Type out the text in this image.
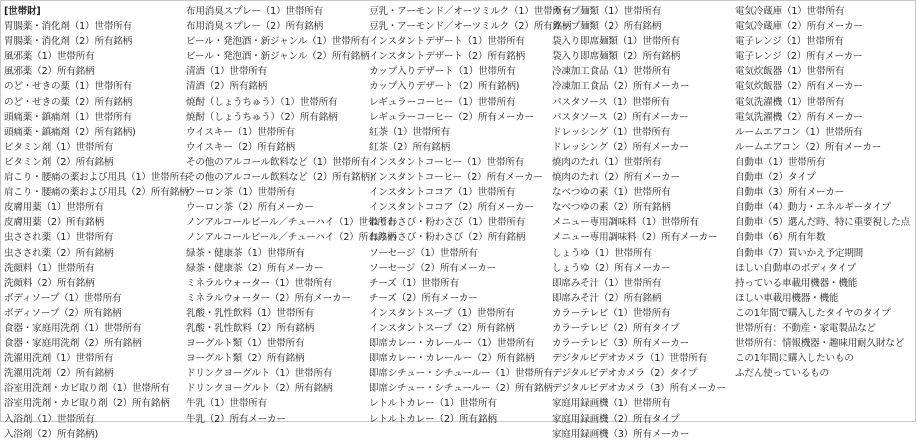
[世帯財]
胃腸薬・消化剤（1）世帯所有
胃腸薬・消化剤（2）所有銘柄
風邪薬（1）世帯所有
風邪薬（2）所有銘柄
のど・せきの薬（1）世帯所有
のど・せきの薬（2）所有銘柄
頭痛薬・鎮痛剤（1）世帯所有
頭痛薬・鎮痛剤（2）所有銘柄)
ビタミン剤（1）世帯所有
ビタミン剤（2）所有銘柄
肩こり・腰痛の薬および用具（1）世帯所有
肩こり・腰痛の薬および用具（2）所有銘柄
皮膚用薬（1）世帯所有
皮膚用薬（2）所有銘柄
虫さされ薬（1）世帯所有
虫さされ薬（2）所有銘柄
洗顔料（1）世帯所有
洗顔料（2）所有銘柄
ボディソープ（1）世帯所有
ボディソープ（2）所有銘柄
食器・家庭用洗剤（1）世帯所有
食器・家庭用洗剤（2）所有銘柄
洗濯用洗剤（1）世帯所有
洗濯用洗剤（2）所有銘柄
浴室用洗剤・カビ取り剤（1）世帯所有
浴室用洗剤・カビ取り剤（2）所有銘柄
入浴剤（1）世帯所有
入浴剤（2）所有銘柄)
布用消臭スプレー（1）世帯所有
布用消臭スプレー（2）所有銘柄
ビール・発泡酒・新ジャンル（1）世帯所有
ビール・発泡酒・新ジャンル（2）所有銘柄
清酒（1）世帯所有
清酒（2）所有銘柄
焼酎（しょうちゅう）（1）世帯所有
焼酎（しょうちゅう）（2）所有銘柄
ウイスキー（1）世帯所有
ウイスキー（2）所有銘柄
その他のアルコール飲料など（1）世帯所有
その他のアルコール飲料など（2）所有銘柄)
ウーロン茶（1）世帯所有
ウーロン茶（2）所有メーカー
ノンアルコールビール／チューハイ（1）世帯所有
ノンアルコールビール／チューハイ（2）所有銘柄
緑茶・健康茶（1）世帯所有
緑茶・健康茶（2）所有メーカー
ミネラルウォーター（1）世帯所有
ミネラルウォーター（2）所有メーカー
乳酸・乳性飲料（1）世帯所有
乳酸・乳性飲料（2）所有銘柄
ヨーグルト類（1）世帯所有
ヨーグルト類（2）所有銘柄
ドリンクヨーグルト（1）世帯所有
ドリンクヨーグルト（2）所有銘柄
牛乳（1）世帯所有
牛乳（2）所有メーカー
豆乳・アーモンド／オーツミルク（1）世帯所有
豆乳・アーモンド／オーツミルク（2）所有銘柄
インスタントデザート（1）世帯所有
インスタントデザート（2）所有銘柄
カップ入りデザート（1）世帯所有
カップ入りデザート（2）所有銘柄)
レギュラーコーヒー（1）世帯所有
レギュラーコーヒー（2）所有メーカー
紅茶（1）世帯所有
紅茶（2）所有銘柄
インスタントコーヒー（1）世帯所有
インスタントコーヒー（2）所有メーカー
インスタントココア（1）世帯所有
インスタントココア（2）所有メーカー
ねりわさび・粉わさび（1）世帯所有
ねりわさび・粉わさび（2）所有銘柄
ソーセージ（1）世帯所有
ソーセージ（2）所有メーカー
チーズ（1）世帯所有
チーズ（2）所有メーカー
インスタントスープ（1）世帯所有
インスタントスープ（2）所有銘柄
即席カレー・カレールー（1）世帯所有
即席カレー・カレールー（2）所有銘柄
即席シチュー・シチュールー（1）世帯所有
即席シチュー・シチュールー（2）所有銘柄
レトルトカレー（1）世帯所有
レトルトカレー（2）所有銘柄
カップ麺類（1）世帯所有
カップ麺類（2）所有銘柄
袋入り即席麺類（1）世帯所有
袋入り即席麺類（2）所有銘柄
冷凍加工食品（1）世帯所有
冷凍加工食品（2）所有メーカー
パスタソース（1）世帯所有
パスタソース（2）所有メーカー
ドレッシング（1）世帯所有
ドレッシング（2）所有メーカー
焼肉のたれ（1）世帯所有
焼肉のたれ（2）所有メーカー
なべつゆの素（1）世帯所有
なべつゆの素（2）所有銘柄
メニュー専用調味料（1）世帯所有
メニュー専用調味料（2）所有メーカー
しょうゆ（1）世帯所有
しょうゆ（2）所有メーカー
即席みそ汁（1）世帯所有
即席みそ汁（2）所有銘柄
カラーテレビ（1）世帯所有
カラーテレビ（2）所有タイプ
カラーテレビ（3）所有メーカー
デジタルビデオカメラ（1）世帯所有
デジタルビデオカメラ（2）タイプ
デジタルビデオカメラ（3）所有メーカー
家庭用録画機（1）世帯所有
家庭用録画機（2）所有タイプ
家庭用録画機（3）所有メーカー
電気冷蔵庫（1）世帯所有
電気冷蔵庫（2）所有メーカー
電子レンジ（1）世帯所有
電子レンジ（2）所有メーカー
電気炊飯器（1）世帯所有
電気炊飯器（2）所有メーカー
電気洗濯機（1）世帯所有
電気洗濯機（2）所有メーカー
ルームエアコン（1）世帯所有
ルームエアコン（2）所有メーカー
自動車（1）世帯所有
自動車（2）タイプ
自動車（3）所有メーカー
自動車（4）動力・エネルギータイプ
自動車（5）選んだ時、特に重要視した点
自動車（6）所有年数
自動車（7）買いかえ予定期間
ほしい自動車のボディタイプ
持っている車載用機器・機能
ほしい車載用機器・機能
この1年間で購入したタイヤのタイプ
世帯所有：不動産・家電製品など
世帯所有：情報機器・趣味用耐久財など
この1年間に購入したいもの
ふだん使っているもの
